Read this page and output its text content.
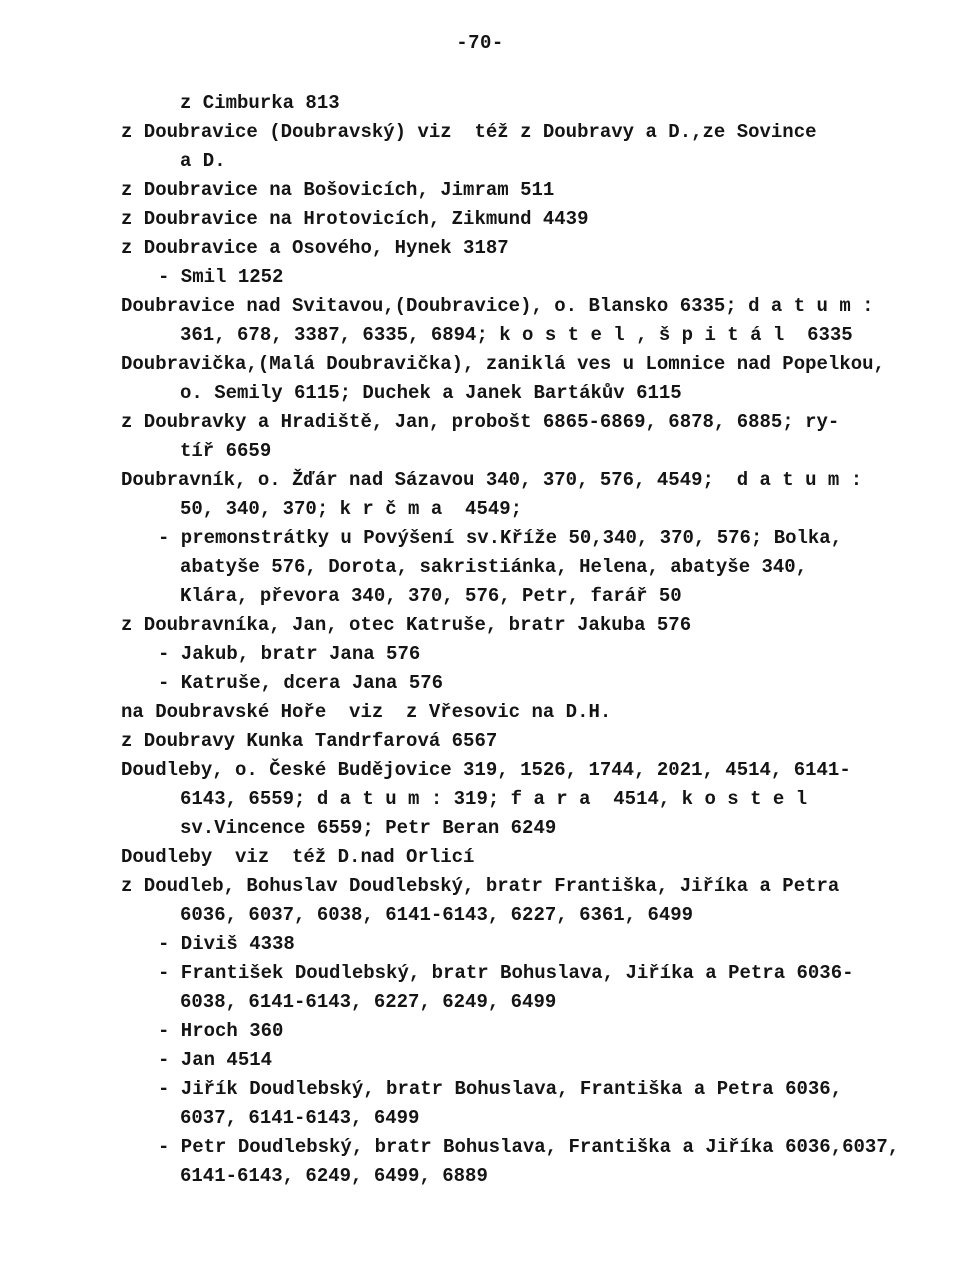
-70-
z Cimburka 813
z Doubravice (Doubravský) viz  též z Doubravy a D.,ze Sovince
a D.
z Doubravice na Bošovicích, Jimram 511
z Doubravice na Hrotovicích, Zikmund 4439
z Doubravice a Osového, Hynek 3187
- Smil 1252
Doubravice nad Svitavou,(Doubravice), o. Blansko 6335; d a t u m :
361, 678, 3387, 6335, 6894; k o s t e l , š p i t á l  6335
Doubravička,(Malá Doubravička), zaniklá ves u Lomnice nad Popelkou,
o. Semily 6115; Duchek a Janek Bartákův 6115
z Doubravky a Hradiště, Jan, probošt 6865-6869, 6878, 6885; ry-
tíř 6659
Doubravník, o. Žďár nad Sázavou 340, 370, 576, 4549;  d a t u m :
50, 340, 370; k r č m a  4549;
- premonstrátky u Povýšení sv.Kříže 50,340, 370, 576; Bolka,
abatyše 576, Dorota, sakristiánka, Helena, abatyše 340,
Klára, převora 340, 370, 576, Petr, farář 50
z Doubravníka, Jan, otec Katruše, bratr Jakuba 576
- Jakub, bratr Jana 576
- Katruše, dcera Jana 576
na Doubravské Hoře  viz  z Vřesovic na D.H.
z Doubravy Kunka Tandrfarová 6567
Doudleby, o. České Budějovice 319, 1526, 1744, 2021, 4514, 6141-
6143, 6559; d a t u m : 319; f a r a  4514, k o s t e l
sv.Vincence 6559; Petr Beran 6249
Doudleby  viz  též D.nad Orlicí
z Doudleb, Bohuslav Doudlebský, bratr Františka, Jiříka a Petra
6036, 6037, 6038, 6141-6143, 6227, 6361, 6499
- Diviš 4338
- František Doudlebský, bratr Bohuslava, Jiříka a Petra 6036-
6038, 6141-6143, 6227, 6249, 6499
- Hroch 360
- Jan 4514
- Jiřík Doudlebský, bratr Bohuslava, Františka a Petra 6036,
6037, 6141-6143, 6499
- Petr Doudlebský, bratr Bohuslava, Františka a Jiříka 6036,6037,
6141-6143, 6249, 6499, 6889
